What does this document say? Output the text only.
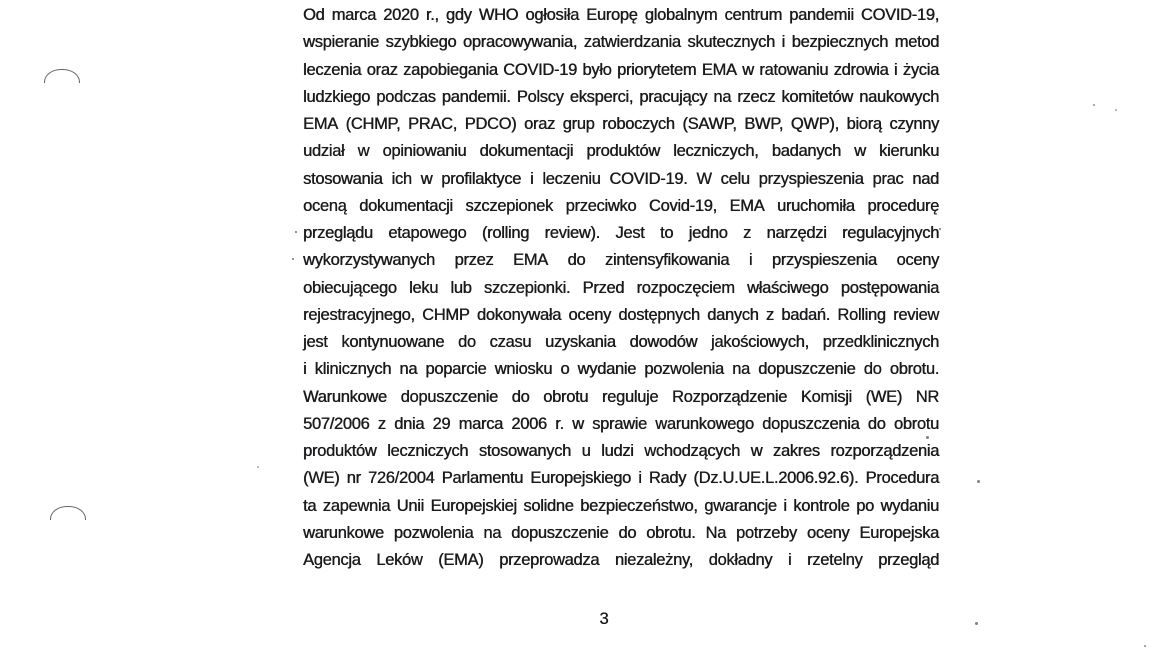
Od marca 2020 r., gdy WHO ogłosiła Europę globalnym centrum pandemii COVID-19,
wspieranie szybkiego opracowywania, zatwierdzania skutecznych i bezpiecznych metod
leczenia oraz zapobiegania COVID-19 było priorytetem EMA w ratowaniu zdrowia i życia
ludzkiego podczas pandemii. Polscy eksperci, pracujący na rzecz komitetów naukowych
EMA (CHMP, PRAC, PDCO) oraz grup roboczych (SAWP, BWP, QWP), biorą czynny
udział w opiniowaniu dokumentacji produktów leczniczych, badanych w kierunku
stosowania ich w profilaktyce i leczeniu COVID-19. W celu przyspieszenia prac nad
oceną dokumentacji szczepionek przeciwko Covid-19, EMA uruchomiła procedurę
przeglądu etapowego (rolling review). Jest to jedno z narzędzi regulacyjnych
wykorzystywanych przez EMA do zintensyfikowania i przyspieszenia oceny
obiecującego leku lub szczepionki. Przed rozpoczęciem właściwego postępowania
rejestracyjnego, CHMP dokonywała oceny dostępnych danych z badań. Rolling review
jest kontynuowane do czasu uzyskania dowodów jakościowych, przedklinicznych
i klinicznych na poparcie wniosku o wydanie pozwolenia na dopuszczenie do obrotu.
Warunkowe dopuszczenie do obrotu reguluje Rozporządzenie Komisji (WE) NR
507/2006 z dnia 29 marca 2006 r. w sprawie warunkowego dopuszczenia do obrotu
produktów leczniczych stosowanych u ludzi wchodzących w zakres rozporządzenia
(WE) nr 726/2004 Parlamentu Europejskiego i Rady (Dz.U.UE.L.2006.92.6). Procedura
ta zapewnia Unii Europejskiej solidne bezpieczeństwo, gwarancje i kontrole po wydaniu
warunkowe pozwolenia na dopuszczenie do obrotu. Na potrzeby oceny Europejska
Agencja Leków (EMA) przeprowadza niezależny, dokładny i rzetelny przegląd
3
